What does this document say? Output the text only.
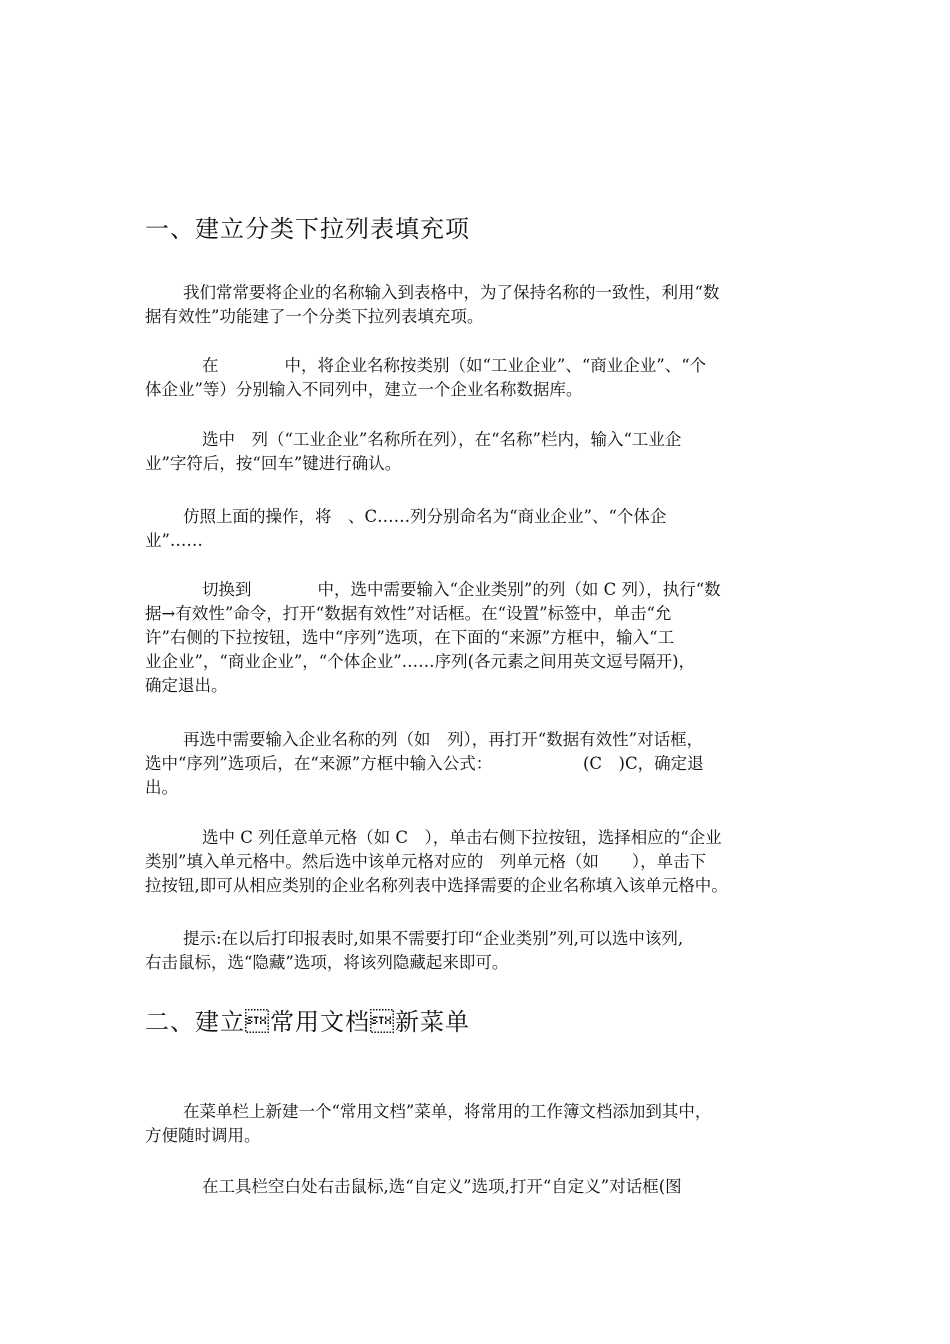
一、建立分类下拉列表填充项
我们常常要将企业的名称输入到表格中，为了保持名称的一致性，利用“数
据有效性”功能建了一个分类下拉列表填充项。
在　　　　中，将企业名称按类别（如“工业企业”、“商业企业”、“个
体企业”等）分别输入不同列中，建立一个企业名称数据库。
选中　列（“工业企业”名称所在列），在“名称”栏内，输入“工业企
业”字符后，按“回车”键进行确认。
仿照上面的操作，将　、C……列分别命名为“商业企业”、“个体企
业”……
切换到　　　　中，选中需要输入“企业类别”的列（如 C 列），执行“数
据→有效性”命令，打开“数据有效性”对话框。在“设置”标签中，单击“允
许”右侧的下拉按钮，选中“序列”选项，在下面的“来源”方框中，输入“工
业企业”，“商业企业”，“个体企业”……序列(各元素之间用英文逗号隔开)，
确定退出。
再选中需要输入企业名称的列（如　列），再打开“数据有效性”对话框，
选中“序列”选项后，在“来源”方框中输入公式：　　　　　　(C　)C，确定退
出。
选中 C 列任意单元格（如 C　），单击右侧下拉按钮，选择相应的“企业
类别”填入单元格中。然后选中该单元格对应的　列单元格（如　　），单击下
拉按钮,即可从相应类别的企业名称列表中选择需要的企业名称填入该单元格中。
提示:在以后打印报表时,如果不需要打印“企业类别”列,可以选中该列,
右击鼠标，选“隐藏”选项，将该列隐藏起来即可。
二、建立常用文档新菜单
在菜单栏上新建一个“常用文档”菜单，将常用的工作簿文档添加到其中，
方便随时调用。
在工具栏空白处右击鼠标,选“自定义”选项,打开“自定义”对话框(图
